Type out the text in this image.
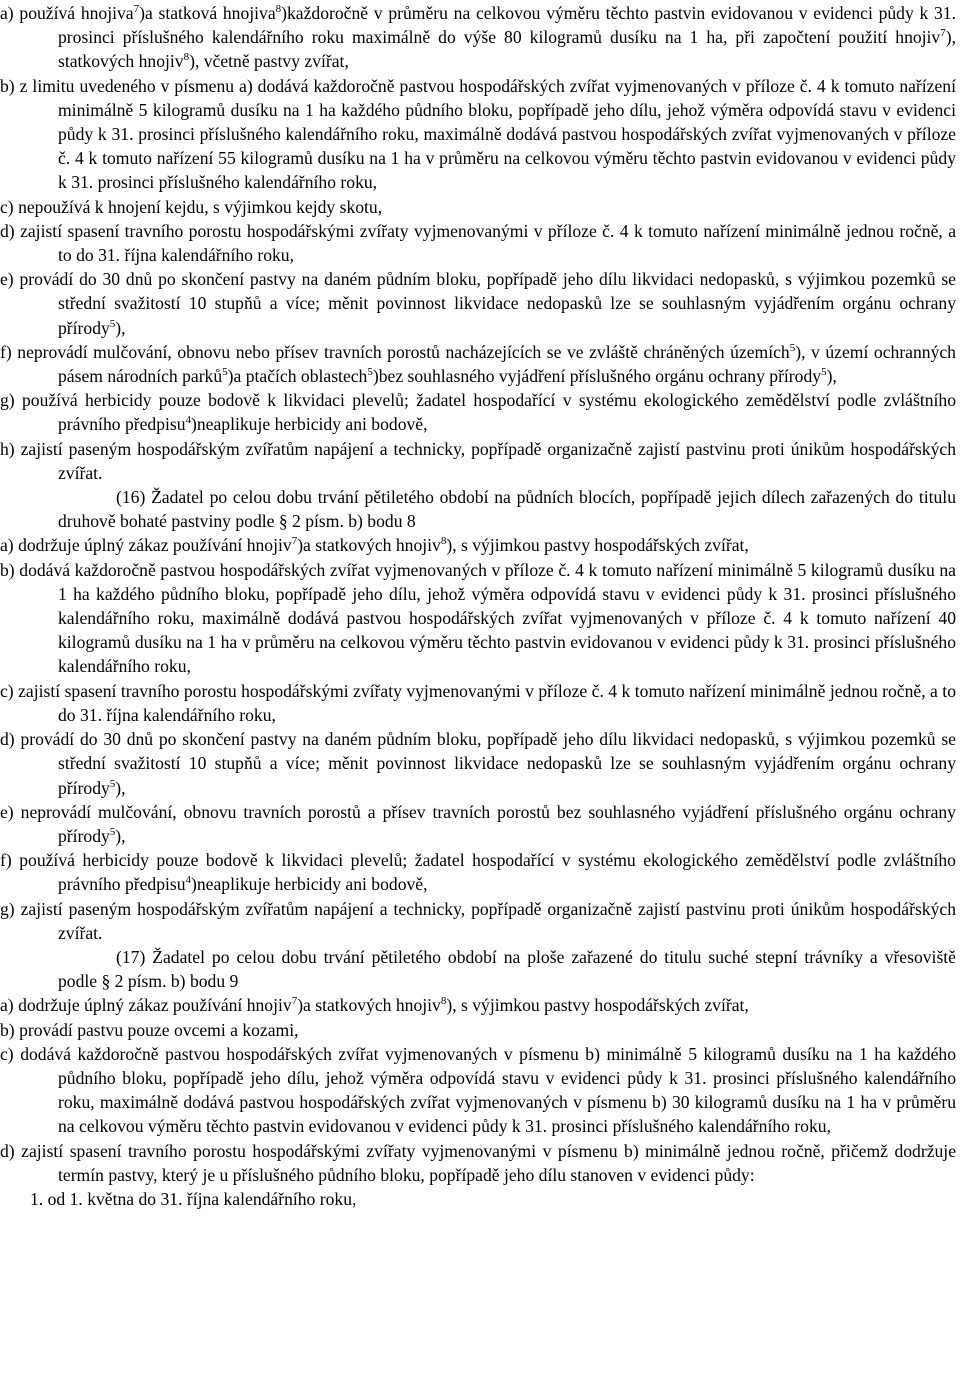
a) používá hnojiva$^7$)a statková hnojiva$^8$)každoročně v průměru na celkovou výměru těchto pastvin evidovanou v evidenci půdy k 31. prosinci příslušného kalendářního roku maximálně do výše 80 kilogramů dusíku na 1 ha, při započtení použití hnojiv$^7$), statkových hnojiv$^8$), včetně pastvy zvířat,

b) z limitu uvedeného v písmenu a) dodává každoročně pastvou hospodářských zvířat vyjmenovaných v příloze č. 4 k tomuto nařízení minimálně 5 kilogramů dusíku na 1 ha každého půdního bloku, popřípadě jeho dílu, jehož výměra odpovídá stavu v evidenci půdy k 31. prosinci příslušného kalendářního roku, maximálně dodává pastvou hospodářských zvířat vyjmenovaných v příloze č. 4 k tomuto nařízení 55 kilogramů dusíku na 1 ha v průměru na celkovou výměru těchto pastvin evidovanou v evidenci půdy k 31. prosinci příslušného kalendářního roku,

c) nepoužívá k hnojení kejdu, s výjimkou kejdy skotu,

d) zajistí spasení travního porostu hospodářskými zvířaty vyjmenovanými v příloze č. 4 k tomuto nařízení minimálně jednou ročně, a to do 31. října kalendářního roku,

e) provádí do 30 dnů po skončení pastvy na daném půdním bloku, popřípadě jeho dílu likvidaci nedopasků, s výjimkou pozemků se střední svažitostí 10 stupňů a více; měnit povinnost likvidace nedopasků lze se souhlasným vyjádřením orgánu ochrany přírody$^5$),

f) neprovádí mulčování, obnovu nebo přísev travních porostů nacházejících se ve zvláště chráněných územích$^5$), v území ochranných pásem národních parků$^5$)a ptačích oblastech$^5$)bez souhlasného vyjádření příslušného orgánu ochrany přírody$^5$),

g) používá herbicidy pouze bodově k likvidaci plevelů; žadatel hospodařící v systému ekologického zemědělství podle zvláštního právního předpisu$^4$)neaplikuje herbicidy ani bodově,

h) zajistí paseným hospodářským zvířatům napájení a technicky, popřípadě organizačně zajistí pastvinu proti únikům hospodářských zvířat.

(16) Žadatel po celou dobu trvání pětiletého období na půdních blocích, popřípadě jejich dílech zařazených do titulu druhově bohaté pastviny podle § 2 písm. b) bodu 8

a) dodržuje úplný zákaz používání hnojiv$^7$)a statkových hnojiv$^8$), s výjimkou pastvy hospodářských zvířat,

b) dodává každoročně pastvou hospodářských zvířat vyjmenovaných v příloze č. 4 k tomuto nařízení minimálně 5 kilogramů dusíku na 1 ha každého půdního bloku, popřípadě jeho dílu, jehož výměra odpovídá stavu v evidenci půdy k 31. prosinci příslušného kalendářního roku, maximálně dodává pastvou hospodářských zvířat vyjmenovaných v příloze č. 4 k tomuto nařízení 40 kilogramů dusíku na 1 ha v průměru na celkovou výměru těchto pastvin evidovanou v evidenci půdy k 31. prosinci příslušného kalendářního roku,

c) zajistí spasení travního porostu hospodářskými zvířaty vyjmenovanými v příloze č. 4 k tomuto nařízení minimálně jednou ročně, a to do 31. října kalendářního roku,

d) provádí do 30 dnů po skončení pastvy na daném půdním bloku, popřípadě jeho dílu likvidaci nedopasků, s výjimkou pozemků se střední svažitostí 10 stupňů a více; měnit povinnost likvidace nedopasků lze se souhlasným vyjádřením orgánu ochrany přírody$^5$),

e) neprovádí mulčování, obnovu travních porostů a přísev travních porostů bez souhlasného vyjádření příslušného orgánu ochrany přírody$^5$),

f) používá herbicidy pouze bodově k likvidaci plevelů; žadatel hospodařící v systému ekologického zemědělství podle zvláštního právního předpisu$^4$)neaplikuje herbicidy ani bodově,

g) zajistí paseným hospodářským zvířatům napájení a technicky, popřípadě organizačně zajistí pastvinu proti únikům hospodářských zvířat.

(17) Žadatel po celou dobu trvání pětiletého období na ploše zařazené do titulu suché stepní trávníky a vřesoviště podle § 2 písm. b) bodu 9

a) dodržuje úplný zákaz používání hnojiv$^7$)a statkových hnojiv$^8$), s výjimkou pastvy hospodářských zvířat,

b) provádí pastvu pouze ovcemi a kozami,

c) dodává každoročně pastvou hospodářských zvířat vyjmenovaných v písmenu b) minimálně 5 kilogramů dusíku na 1 ha každého půdního bloku, popřípadě jeho dílu, jehož výměra odpovídá stavu v evidenci půdy k 31. prosinci příslušného kalendářního roku, maximálně dodává pastvou hospodářských zvířat vyjmenovaných v písmenu b) 30 kilogramů dusíku na 1 ha v průměru na celkovou výměru těchto pastvin evidovanou v evidenci půdy k 31. prosinci příslušného kalendářního roku,

d) zajistí spasení travního porostu hospodářskými zvířaty vyjmenovanými v písmenu b) minimálně jednou ročně, přičemž dodržuje termín pastvy, který je u příslušného půdního bloku, popřípadě jeho dílu stanoven v evidenci půdy:

1. od 1. května do 31. října kalendářního roku,
